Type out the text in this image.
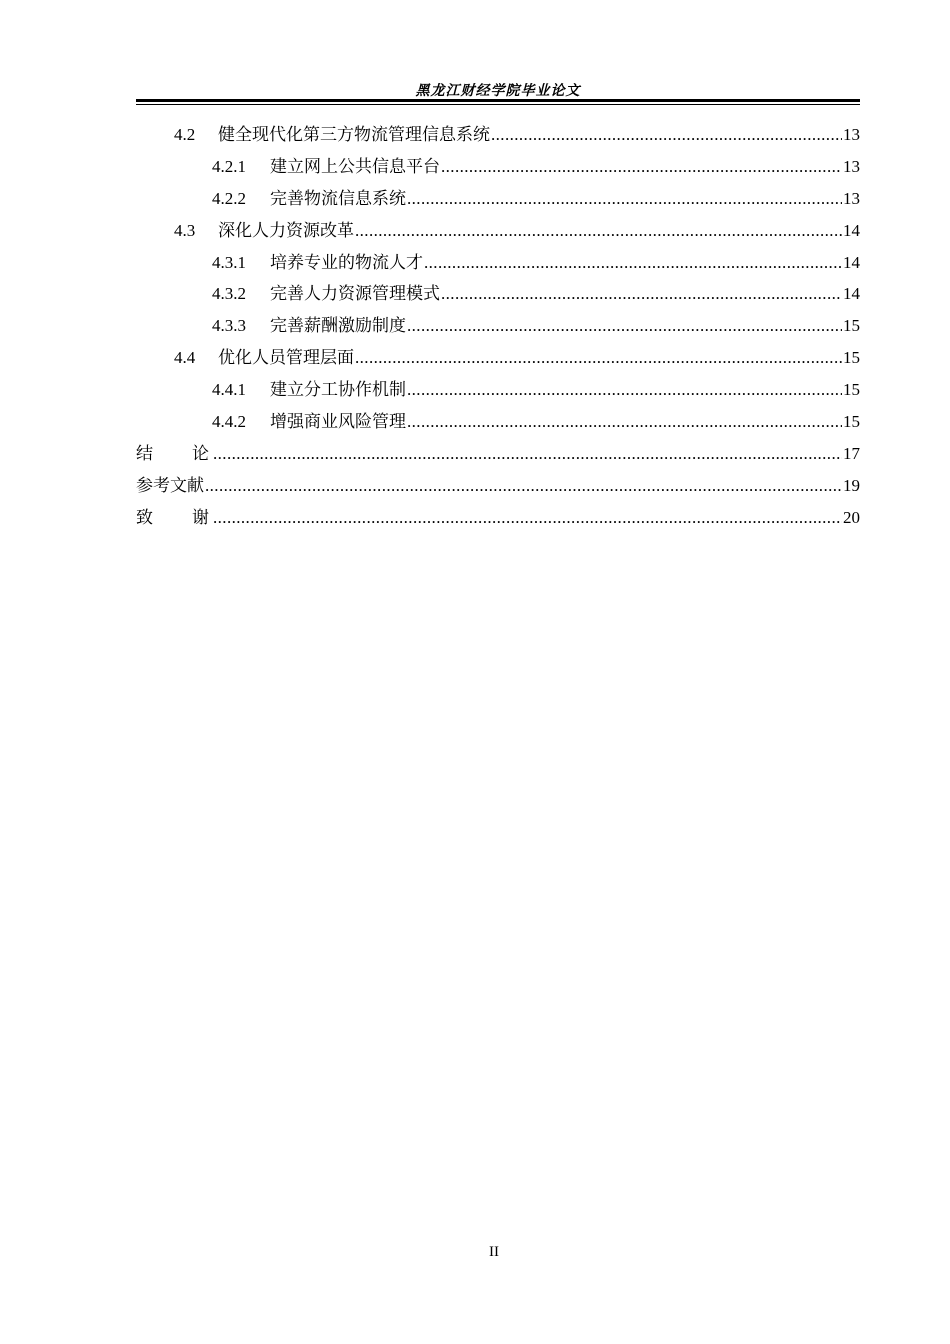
黑龙江财经学院毕业论文
4.2	健全现代化第三方物流管理信息系统 .....	13
4.2.1	建立网上公共信息平台 .....	13
4.2.2	完善物流信息系统 .....	13
4.3	深化人力资源改革 .....	14
4.3.1	培养专业的物流人才 .....	14
4.3.2	完善人力资源管理模式 .....	14
4.3.3	完善薪酬激励制度 .....	15
4.4	优化人员管理层面 .....	15
4.4.1	建立分工协作机制 .....	15
4.4.2	增强商业风险管理 .....	15
结 论 .....	17
参考文献 .....	19
致 谢 .....	20
II
